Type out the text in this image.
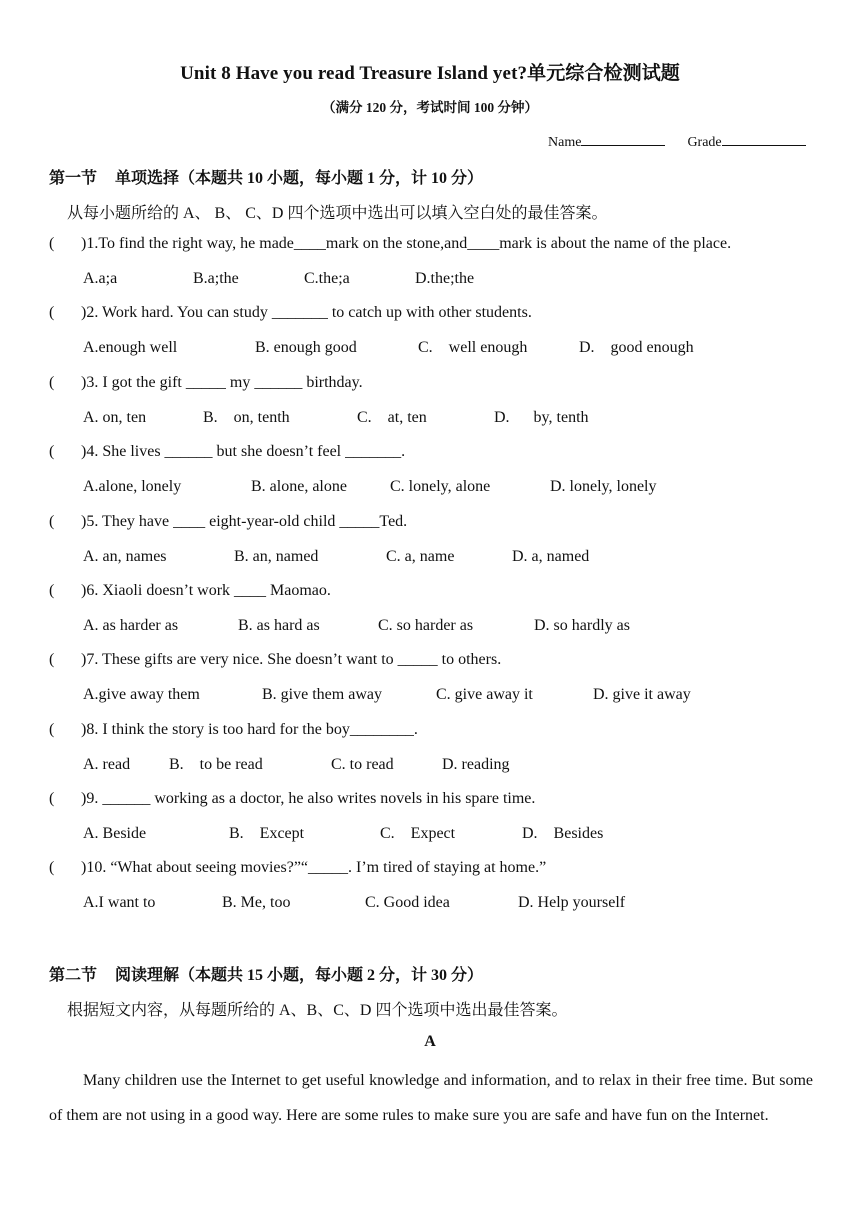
Unit 8 Have you read Treasure Island yet?单元综合检测试题
（满分 120 分，考试时间 100 分钟）
Name	Grade
第一节 单项选择（本题共 10 小题，每小题 1 分，计 10 分）
从每小题所给的 A、 B、 C、D 四个选项中选出可以填入空白处的最佳答案。
( )1.To find the right way, he made____mark on the stone,and____mark is about the name of the place.
A.a;a	B.a;the	C.the;a	D.the;the
( )2. Work hard. You can study _______ to catch up with other students.
A.enough well	B. enough good	C.    well enough	D.    good enough
( )3. I got the gift _____ my ______ birthday.
A. on, ten	B.    on, tenth	C.    at, ten	D.      by, tenth
( )4. She lives ______ but she doesn’t feel _______.
A.alone, lonely	B. alone, alone	C. lonely, alone	D. lonely, lonely
( )5. They have ____ eight-year-old child _____Ted.
A. an, names	B. an, named	C. a, name	D. a, named
( )6. Xiaoli doesn’t work ____ Maomao.
A. as harder as	B. as hard as	C. so harder as	D. so hardly as
( )7. These gifts are very nice. She doesn’t want to _____ to others.
A.give away them	B. give them away	C. give away it	D. give it away
( )8. I think the story is too hard for the boy________.
A. read B.    to be read	C. to read	D. reading
( )9. ______ working as a doctor, he also writes novels in his spare time.
A. Beside	B.    Except	C.    Expect	D.    Besides
( )10. “What about seeing movies?”“_____. I’m tired of staying at home.”
A.I want to	B. Me, too	C. Good idea	D. Help yourself
第二节 阅读理解（本题共 15 小题，每小题 2 分，计 30 分）
根据短文内容，从每题所给的 A、B、C、D 四个选项中选出最佳答案。
A
Many children use the Internet to get useful knowledge and information, and to relax in their free time. But some of them are not using in a good way. Here are some rules to make sure you are safe and have fun on the Internet.
